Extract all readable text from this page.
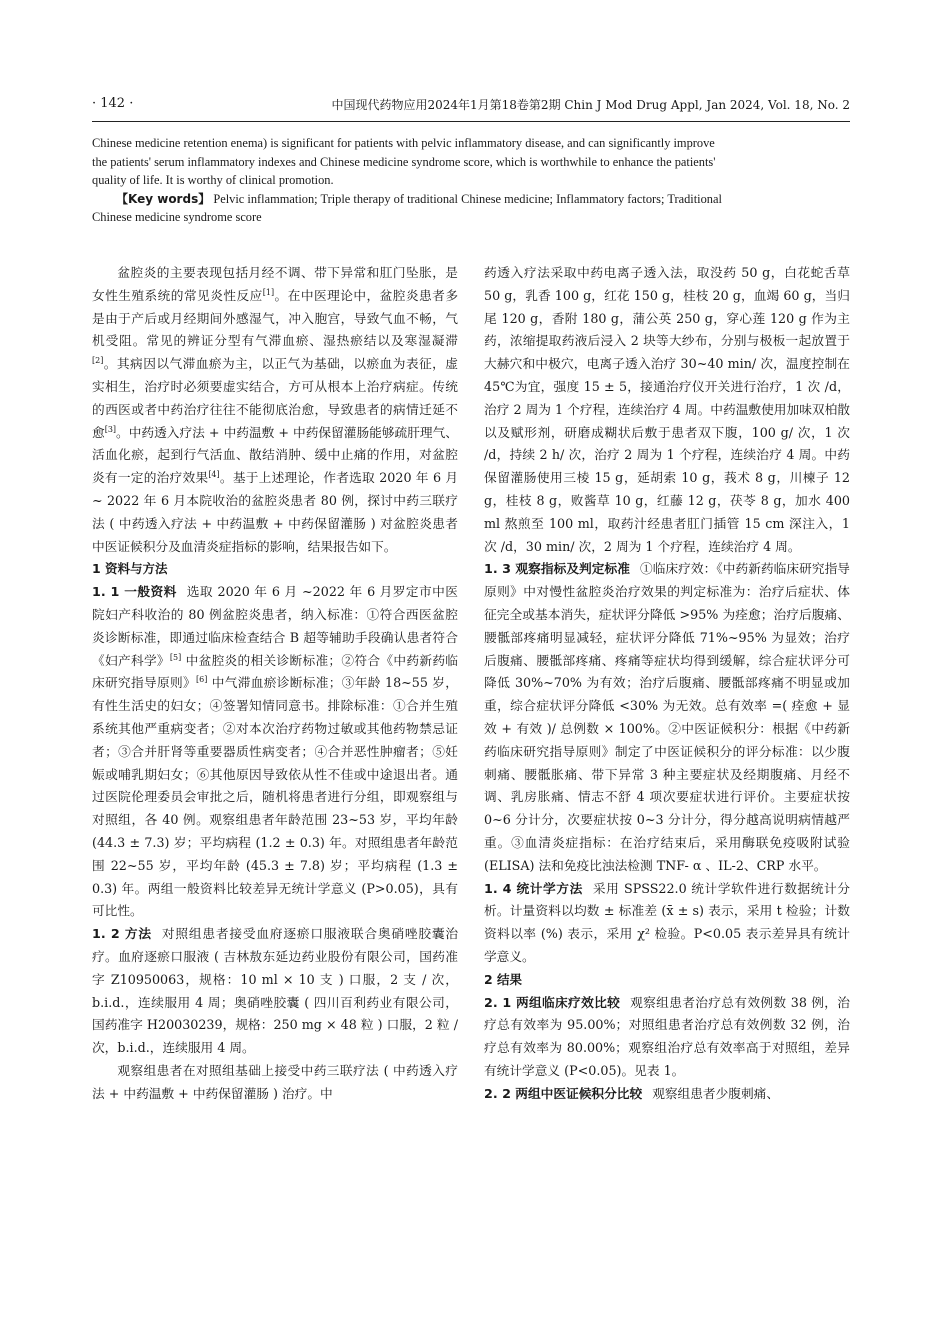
· 142 ·	中国现代药物应用2024年1月第18卷第2期 Chin J Mod Drug Appl, Jan 2024, Vol. 18, No. 2

Chinese medicine retention enema) is significant for patients with pelvic inflammatory disease, and can significantly improve the patients' serum inflammatory indexes and Chinese medicine syndrome score, which is worthwhile to enhance the patients' quality of life. It is worthy of clinical promotion.

【Key words】 Pelvic inflammation; Triple therapy of traditional Chinese medicine; Inflammatory factors; Traditional Chinese medicine syndrome score

盆腔炎的主要表现包括月经不调、带下异常和肛门坠胀，是女性生殖系统的常见炎性反应[1]。在中医理论中，盆腔炎患者多是由于产后或月经期间外感湿气，冲入胞宫，导致气血不畅，气机受阻。常见的辨证分型有气滞血瘀、湿热瘀结以及寒湿凝滞[2]。其病因以气滞血瘀为主，以正气为基础，以瘀血为表征，虚实相生，治疗时必须要虚实结合，方可从根本上治疗病症。传统的西医或者中药治疗往往不能彻底治愈，导致患者的病情迁延不愈[3]。中药透入疗法 + 中药温敷 + 中药保留灌肠能够疏肝理气、活血化瘀，起到行气活血、散结消肿、缓中止痛的作用，对盆腔炎有一定的治疗效果[4]。基于上述理论，作者选取 2020 年 6 月 ~ 2022 年 6 月本院收治的盆腔炎患者 80 例，探讨中药三联疗法 ( 中药透入疗法 + 中药温敷 + 中药保留灌肠 ) 对盆腔炎患者中医证候积分及血清炎症指标的影响，结果报告如下。

1 资料与方法

1. 1 一般资料 选取 2020 年 6 月 ~2022 年 6 月罗定市中医院妇产科收治的 80 例盆腔炎患者，纳入标准：①符合西医盆腔炎诊断标准，即通过临床检查结合 B 超等辅助手段确认患者符合《妇产科学》[5] 中盆腔炎的相关诊断标准；②符合《中药新药临床研究指导原则》[6] 中气滞血瘀诊断标准；③年龄 18~55 岁，有性生活史的妇女；④签署知情同意书。排除标准：①合并生殖系统其他严重病变者；②对本次治疗药物过敏或其他药物禁忌证者；③合并肝肾等重要器质性病变者；④合并恶性肿瘤者；⑤妊娠或哺乳期妇女；⑥其他原因导致依从性不佳或中途退出者。通过医院伦理委员会审批之后，随机将患者进行分组，即观察组与对照组，各 40 例。观察组患者年龄范围 23~53 岁，平均年龄 (44.3 ± 7.3) 岁；平均病程 (1.2 ± 0.3) 年。对照组患者年龄范围 22~55 岁，平均年龄 (45.3 ± 7.8) 岁；平均病程 (1.3 ± 0.3) 年。两组一般资料比较差异无统计学意义 (P>0.05)，具有可比性。

1. 2 方法 对照组患者接受血府逐瘀口服液联合奥硝唑胶囊治疗。血府逐瘀口服液 ( 吉林敖东延边药业股份有限公司，国药准字 Z10950063，规格：10 ml × 10 支 ) 口服，2 支 / 次，b.i.d.，连续服用 4 周；奥硝唑胶囊 ( 四川百利药业有限公司，国药准字 H20030239，规格：250 mg × 48 粒 ) 口服，2 粒 / 次，b.i.d.，连续服用 4 周。

观察组患者在对照组基础上接受中药三联疗法 ( 中药透入疗法 + 中药温敷 + 中药保留灌肠 ) 治疗。中

药透入疗法采取中药电离子透入法，取没药 50 g，白花蛇舌草 50 g，乳香 100 g，红花 150 g，桂枝 20 g，血竭 60 g，当归尾 120 g，香附 180 g，蒲公英 250 g，穿心莲 120 g 作为主药，浓缩提取药液后浸入 2 块等大纱布，分别与极板一起放置于大赫穴和中极穴，电离子透入治疗 30~40 min/ 次，温度控制在 45℃为宜，强度 15 ± 5，接通治疗仪开关进行治疗，1 次 /d，治疗 2 周为 1 个疗程，连续治疗 4 周。中药温敷使用加味双柏散以及赋形剂，研磨成糊状后敷于患者双下腹，100 g/ 次，1 次 /d，持续 2 h/ 次，治疗 2 周为 1 个疗程，连续治疗 4 周。中药保留灌肠使用三棱 15 g，延胡索 10 g，莪术 8 g，川楝子 12 g，桂枝 8 g，败酱草 10 g，红藤 12 g，茯苓 8 g，加水 400 ml 熬煎至 100 ml，取药汁经患者肛门插管 15 cm 深注入，1 次 /d，30 min/ 次，2 周为 1 个疗程，连续治疗 4 周。

1. 3 观察指标及判定标准 ①临床疗效：《中药新药临床研究指导原则》中对慢性盆腔炎治疗效果的判定标准为：治疗后症状、体征完全或基本消失，症状评分降低 >95% 为痊愈；治疗后腹痛、腰骶部疼痛明显减轻，症状评分降低 71%~95% 为显效；治疗后腹痛、腰骶部疼痛、疼痛等症状均得到缓解，综合症状评分可降低 30%~70% 为有效；治疗后腹痛、腰骶部疼痛不明显或加重，综合症状评分降低 <30% 为无效。总有效率 =( 痊愈 + 显效 + 有效 )/ 总例数 × 100%。②中医证候积分：根据《中药新药临床研究指导原则》制定了中医证候积分的评分标准：以少腹刺痛、腰骶胀痛、带下异常 3 种主要症状及经期腹痛、月经不调、乳房胀痛、情志不舒 4 项次要症状进行评价。主要症状按 0~6 分计分，次要症状按 0~3 分计分，得分越高说明病情越严重。③血清炎症指标：在治疗结束后，采用酶联免疫吸附试验 (ELISA) 法和免疫比浊法检测 TNF- α 、IL-2、CRP 水平。

1. 4 统计学方法 采用 SPSS22.0 统计学软件进行数据统计分析。计量资料以均数 ± 标准差 (x̄ ± s) 表示，采用 t 检验；计数资料以率 (%) 表示，采用 χ² 检验。P<0.05 表示差异具有统计学意义。

2 结果

2. 1 两组临床疗效比较 观察组患者治疗总有效例数 38 例，治疗总有效率为 95.00%；对照组患者治疗总有效例数 32 例，治疗总有效率为 80.00%；观察组治疗总有效率高于对照组，差异有统计学意义 (P<0.05)。见表 1。

2. 2 两组中医证候积分比较 观察组患者少腹刺痛、
